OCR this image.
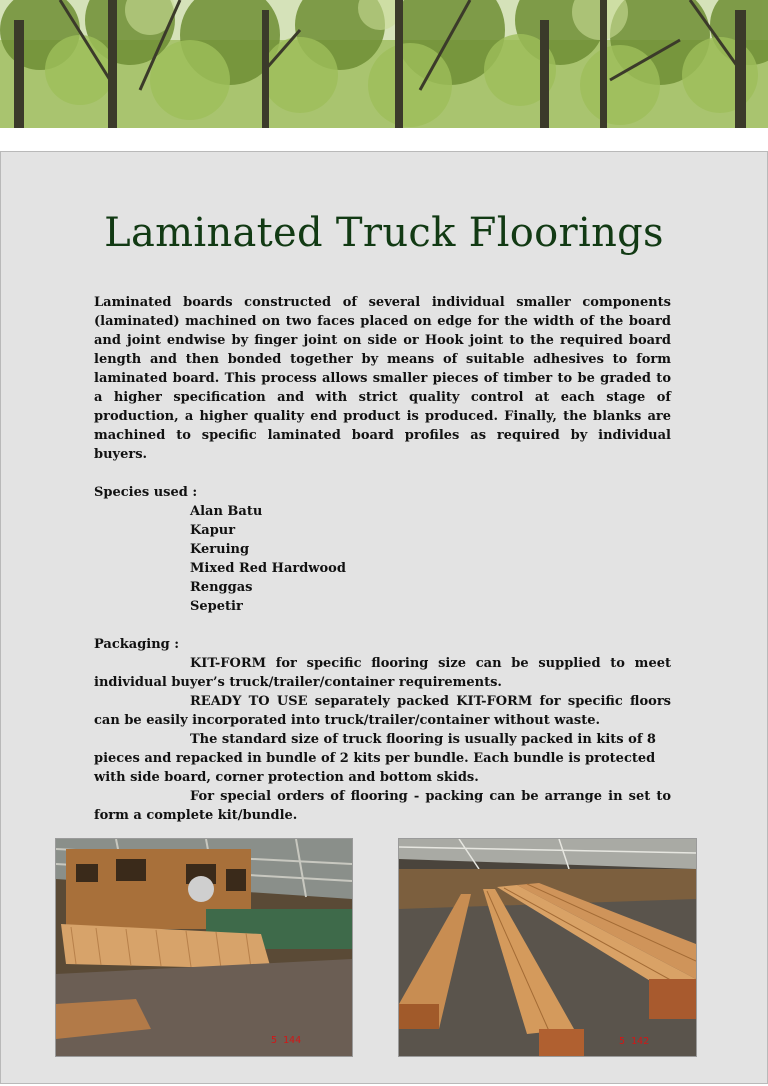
Laminated Truck Floorings

Laminated boards constructed of several individual smaller components (laminated) machined on two faces placed on edge for the width of the board and joint endwise by finger joint on side or Hook joint to the required board length and then bonded together by means of suitable adhesives to form laminated board. This process allows smaller pieces of timber to be graded to a higher specification and with strict quality control at each stage of production, a higher quality end product is produced. Finally, the blanks are machined to specific laminated board profiles as required by individual buyers.

Species used :
Alan Batu
Kapur
Keruing
Mixed Red Hardwood
Renggas
Sepetir
Packaging :

KIT-FORM for specific flooring size can be supplied to meet individual buyer’s truck/trailer/container requirements.

READY TO USE separately packed KIT-FORM for specific floors can be easily incorporated into truck/trailer/container without waste.

The standard size of truck flooring is usually packed in kits of 8 pieces and repacked in bundle of 2 kits per bundle. Each bundle is protected with side board, corner protection and bottom skids.

For special orders of flooring - packing can be arrange in set to form a complete kit/bundle.

5 144	5 142
